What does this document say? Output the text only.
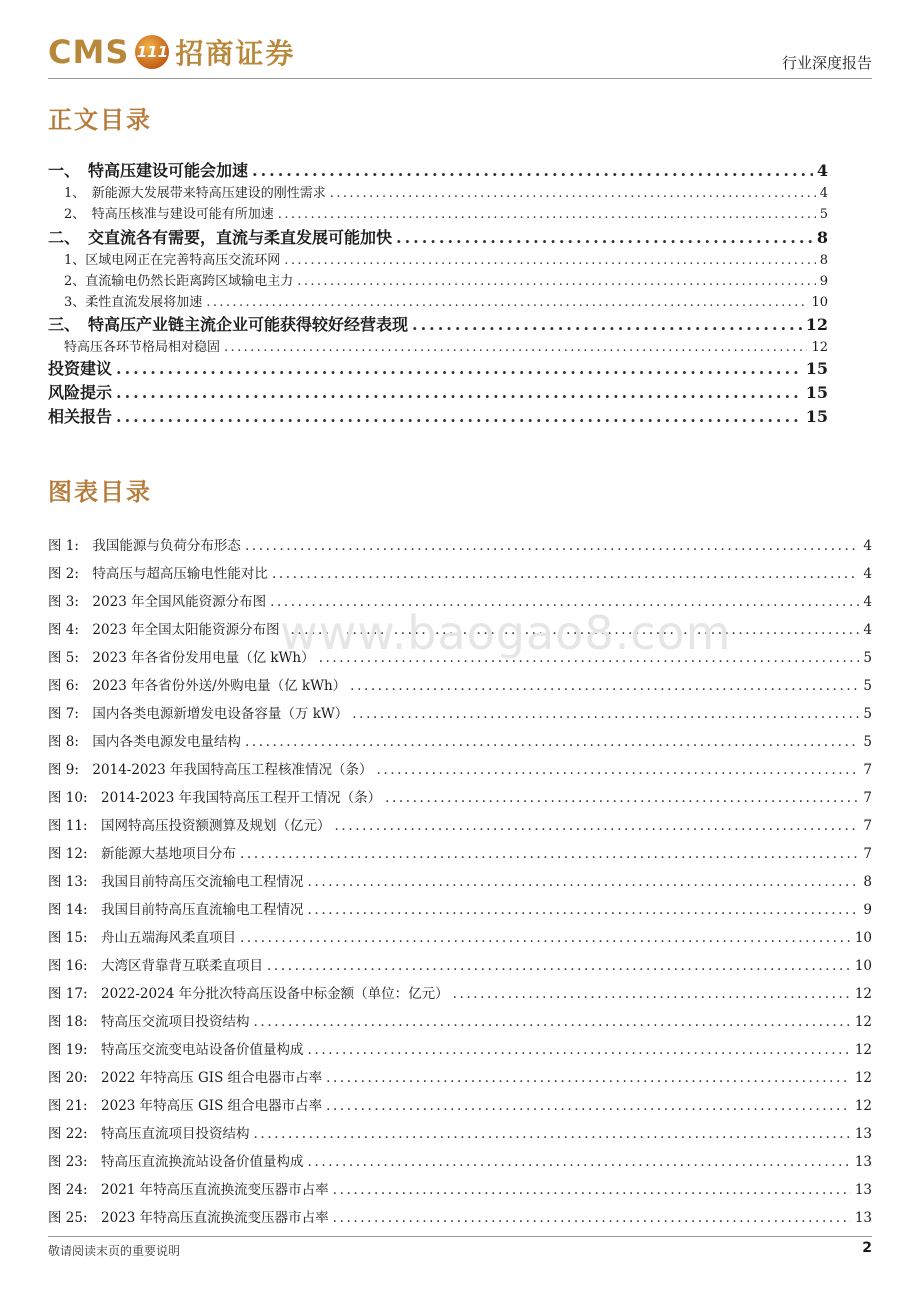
CMS 111 招商证券	行业深度报告
正文目录
一、　特高压建设可能会加速 .....	4
1、　新能源大发展带来特高压建设的刚性需求 .....	4
2、　特高压核准与建设可能有所加速 .....	5
二、　交直流各有需要，直流与柔直发展可能加快 .....	8
1、区域电网正在完善特高压交流环网 .....	8
2、直流输电仍然长距离跨区域输电主力 .....	9
3、柔性直流发展将加速 .....	10
三、　特高压产业链主流企业可能获得较好经营表现 .....	12
特高压各环节格局相对稳固 .....	12
投资建议 .....	15
风险提示 .....	15
相关报告 .....	15
图表目录
图 1:　我国能源与负荷分布形态 .....	4
图 2:　特高压与超高压输电性能对比 .....	4
图 3:　2023 年全国风能资源分布图 .....	4
图 4:　2023 年全国太阳能资源分布图 .....	4
图 5:　2023 年各省份发用电量（亿 kWh） .....	5
图 6:　2023 年各省份外送/外购电量（亿 kWh） .....	5
图 7:　国内各类电源新增发电设备容量（万 kW） .....	5
图 8:　国内各类电源发电量结构 .....	5
图 9:　2014-2023 年我国特高压工程核准情况（条） .....	7
图 10:　2014-2023 年我国特高压工程开工情况（条） .....	7
图 11:　国网特高压投资额测算及规划（亿元） .....	7
图 12:　新能源大基地项目分布 .....	7
图 13:　我国目前特高压交流输电工程情况 .....	8
图 14:　我国目前特高压直流输电工程情况 .....	9
图 15:　舟山五端海风柔直项目 .....	10
图 16:　大湾区背靠背互联柔直项目 .....	10
图 17:　2022-2024 年分批次特高压设备中标金额（单位：亿元） .....	12
图 18:　特高压交流项目投资结构 .....	12
图 19:　特高压交流变电站设备价值量构成 .....	12
图 20:　2022 年特高压 GIS 组合电器市占率 .....	12
图 21:　2023 年特高压 GIS 组合电器市占率 .....	12
图 22:　特高压直流项目投资结构 .....	13
图 23:　特高压直流换流站设备价值量构成 .....	13
图 24:　2021 年特高压直流换流变压器市占率 .....	13
图 25:　2023 年特高压直流换流变压器市占率 .....	13
www.baogao8.com
敬请阅读末页的重要说明	2
